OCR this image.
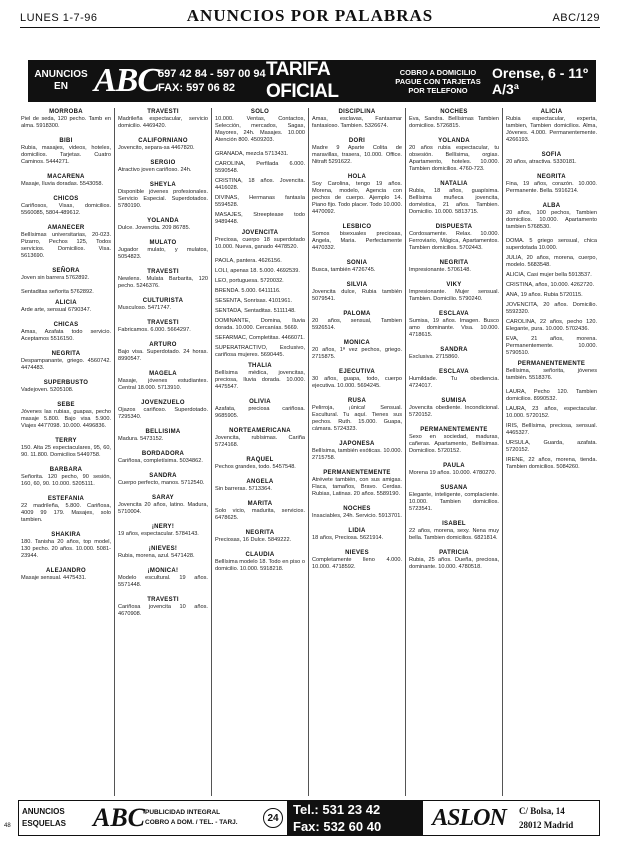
LUNES 1-7-96	ANUNCIOS POR PALABRAS	ABC/129
ANUNCIOS EN ABC
597 42 84 - 597 00 94
FAX: 597 06 82
TARIFA OFICIAL
COBRO A DOMICILIO PAGUE CON TARJETAS POR TELEFONO
Orense, 6 - 11º A/3ª
MORROBA

Piel de seda, 120 pecho. Tamb en alma. 5918300.

BIBI

Rubia, masajes, videos, hoteles, domicilios. Tarjetas. Cuatro Caminos. 5444271.

MACARENA

Masaje, lluvia doradas. 5543058.

CHICOS

Cariñosos, Visas, domicilios. 5560085, 5804-489612.

AMANECER

Bellísimas universitarias, 20-023. Pizarro, Pechos 125, Todos servicios. Domicilios. Visa. 5613690.

SEÑORA

Joven sin barrera 5762892.

Sentaditas señorita 5762892.

ALICIA

Arde arte, sensual 6790347.

CHICAS

Amas, Azafata todo servicio. Aceptamos 5516150.

NEGRITA

Despampanante, griego. 4560742. 4474483.

SUPERBUSTO

Vadejoven. 5205108.

SEBE

Jóvenes las rubias, guapas, pecho masaje 5.800. Bajo visa 5.900. Viajes 4477098. 10.000. 4496836.

TERRY

150. Alta 25 espectaculares, 95, 60, 90. 11.800. Domicilios 5449758.

BARBARA

Señorita. 120 pecho, 90 sesión, 160, 60, 90. 10.000. 5205111.

ESTEFANIA

22 madrileña, 5.800. Cariñosa, 4009 99 179. Masajes, solo tambien.

SHAKIRA

180. Tanisha 20 años, top model, 130 pecho. 20 años. 10.000. 5081-23944.

ALEJANDRO

Masaje sensual. 4475431.

TRAVESTI

Madrileña espectacular, servicio domicilio. 4469420.

CALIFORNIANO

Jovencito, separa-sa 4467820.

SERGIO

Atractivo joven cariñoso. 24h.

SHEYLA

Disponible jóvenes profesionales. Servicio Especial. Superdotados. 5780190.

YOLANDA

Dulce. Jovencita. 209 86785.

MULATO

Jugador mulato, y mulatos, 5054823.

TRAVESTI

Newlens. Mulata Barbarita, 120 pecho. 5246376.

CULTURISTA

Musculoso. 5471747.

TRAVESTI

Fabricamos. 6.000. 5664297.

ARTURO

Bajo visa. Superdotado. 24 horas. 8990547.

MAGELA

Masaje, jóvenes estudiantes. Central 18.000. 5713910.

JOVENZUELO

Ojazos cariñoso. Superdotado. 7295340.

BELLISIMA

Madura. 5473152.

BORDADORA

Cariñosa, completísima. 5034862.

SANDRA

Cuerpo perfecto, manos. 5712540.

SARAY

Jovencita 20 años, latino. Madura, 5710004.

¡NERY!

19 años, espectacular. 5784143.

¡NIEVES!

Rubia, morena, azul. 5471428.

¡MONICA!

Modelo escultural. 19 años. 5571448.

TRAVESTI

Cariñosa jovencita 10 años. 4670908.

SOLO

10.000. Ventas, Contactos, Selección, mercados, Sagas, Mayores, 24h. Masajes. 10.000 Atención 800. 4509203.

GRANADA, mezcla 5713431.

CAROLINA, Perfilada 6.000. 5590548.

CRISTINA, 18 años. Jovencita. 4416028.

DIVINAS, Hermanas fantasía 5594528.

MASAJES, Streeptease todo 9489448.

JOVENCITA

Preciosa, cuerpo 18 superdotado 10.000. Nueva, ganado 4478520.

PAOLA, pantera. 4626156.

LOLI, apenas 18. 5.000. 4692539.

LEO, portuguesa. 5720032.

BRENDA. 5.000. 6411116.

SESENTA, Sonrisas. 4101961.

SENTADA, Sentaditas. 5111148.

DOMINANTE, Domina, lluvia dorada. 10.000. Cercanías. 5669.

SEFARMAC, Completitas. 4466071.

SUPERATRACTIVO, Exclusivo, cariñosa mujeres. 5690445.

THALIA

Bellísima médica, jovencitas, preciosa, lluvia dorada. 10.000. 4475547.

OLIVIA

Azafata, preciosa cariñosa. 9685905.

NORTEAMERICANA

Jovencita, rubísimas. Cariña 5724168.

RAQUEL

Pechos grandes, todo. 5457548.

ANGELA

Sin barreras. 5713364.

MARITA

Solo vicio, madurita, servicios. 6478625.

NEGRITA

Preciosas, 16 Dulce. 5849222.

CLAUDIA

Bellísima modelo 18. Todo en piso o domicilio. 10.000. 5918218.

DISCIPLINA

Amas, esclavas, Fantasmar fantasioso. Tambien. 5326674.

DORI

Madre 9 Aparte Colita de maravillas, trasera, 10.000. Office. Nitraft 5291622.

HOLA

Soy Carolina, tengo 19 años. Morena, modelo, Agencia con pechos de cuerpo. Ajemplo 14. Piano fijo. Todo placer. Todo 10.000. 4470092.

LESBICO

Somos bisexuales preciosas, Angela, Maria. Perfectamente 4470332.

SONIA

Busca, también 4726745.

SILVIA

Jovencita dulce, Rubia también 5079541.

PALOMA

20 años, sensual, Tambien 5926514.

MONICA

20 años, 1ª vez pechos, griego. 2715875.

EJECUTIVA

30 años, guapa, todo, cuerpo ejecutiva. 10.000. 5694245.

RUSA

Pelirroja, ¡única! Sensual. Escultural. Tu aquí. Tienes sus pechos. Ruth. 15.000. Guapa, cámara. 5724323.

JAPONESA

Bellísima, también exóticas. 10.000. 2715758.

PERMANENTEMENTE

Atrévete también, con sus amigas. Flaca, tamaños, Bravo. Cerdas. Rubias, Latinas. 20 años. 5589190.

NOCHES

Insaciables, 24h. Servicio. 5913701.

LIDIA

18 años, Preciosa. 5621914.

NIEVES

Completamente lleno 4.000. 10.000. 4718592.

NOCHES

Eva, Sandra. Bellísimas Tambien domicilios. 5726815.

YOLANDA

20 años rubia espectacular, tu obsesión. Bellísima, orgias. Apartamento, hoteles. 10.000. Tambien domicilios. 4760-723.

NATALIA

Rubia, 18 años, guapísima. Bellísima muñeca jovencita, doméstica, 21 años. Tambien. Domicilio. 10.000. 5813715.

DISPUESTA

Cordosamente. Relax. 10.000. Ferroviario, Mágica, Apartamentos. Tambien domicilios. 5702443.

NEGRITA

Impresionante. 5706148.

VIKY

Impresionante. Mujer sensual. Tambien. Domicilio. 5790240.

ESCLAVA

Sumisa, 19 años. Imagen. Busco amo dominante. Visa. 10.000. 4718615.

SANDRA

Exclusiva. 2715860.

ESCLAVA

Humildade. Tu obediencia. 4724017.

SUMISA

Jovencita obediente. Incondicional. 5720152.

PERMANENTEMENTE

Sexo en sociedad, maduras, cañeras. Apartamento, Bellísimas. Domicilios. 5720152.

PAULA

Morena 19 años. 10.000. 4780270.

SUSANA

Elegante, inteligente, complaciente. 10.000. Tambien domicilios. 5723541.

ISABEL

22 años, morena, sexy. Nena muy bella. Tambien domicilios. 6821814.

PATRICIA

Rubia, 25 años. Dueña, preciosa, dominante. 10.000. 4780518.

ALICIA

Rubia espectacular, experta, tambien, Tambien domicilios. Alma, Jóvenes. 4.000. Permanentemente. 4266193.

SOFIA

20 años, atractiva. 5330181.

NEGRITA

Fina, 19 años, corazón. 10.000. Permanente. Bella. 5916214.

ALBA

20 años, 100 pechos, Tambien domicilios. 10.000. Apartamento tambien 5768530.

DOMA. 5 griego sensual, chica superdotada 10.000.

JULIA, 20 años, morena, cuerpo, modelo. 5683548.

ALICIA, Casi mujer bella 5913537.

CRISTINA, años, 10.000. 4262720.

ANA, 19 años. Rubia 5720115.

JOVENCITA, 20 años. Domicilio. 5592320.

CAROLINA, 22 años, pecho 120. Elegante, pura. 10.000. 5702436.

EVA, 21 años, morena. Permanentemente. 10.000. 5790510.

PERMANENTEMENTE

Bellísima, señorita, jóvenes también. 5518376.

LAURA, Pecho 120. Tambien domicilios. 8990532.

LAURA, 23 años, espectacular. 10.000. 5720152.

IRIS, Bellísima, preciosa, sensual. 4465327.

URSULA, Guarda, azafata. 5720152.

IRENE, 22 años, morena, tienda. Tambien domicilios. 5084260.

ANUNCIOS
ESQUELAS	ABC PUBLICIDAD INTEGRAL
COBRO A DOM. / TEL. - TARJ.	24
Tel.: 531 23 42
Fax: 532 60 40	ASLON	C/ Bolsa, 14
28012 Madrid
48
